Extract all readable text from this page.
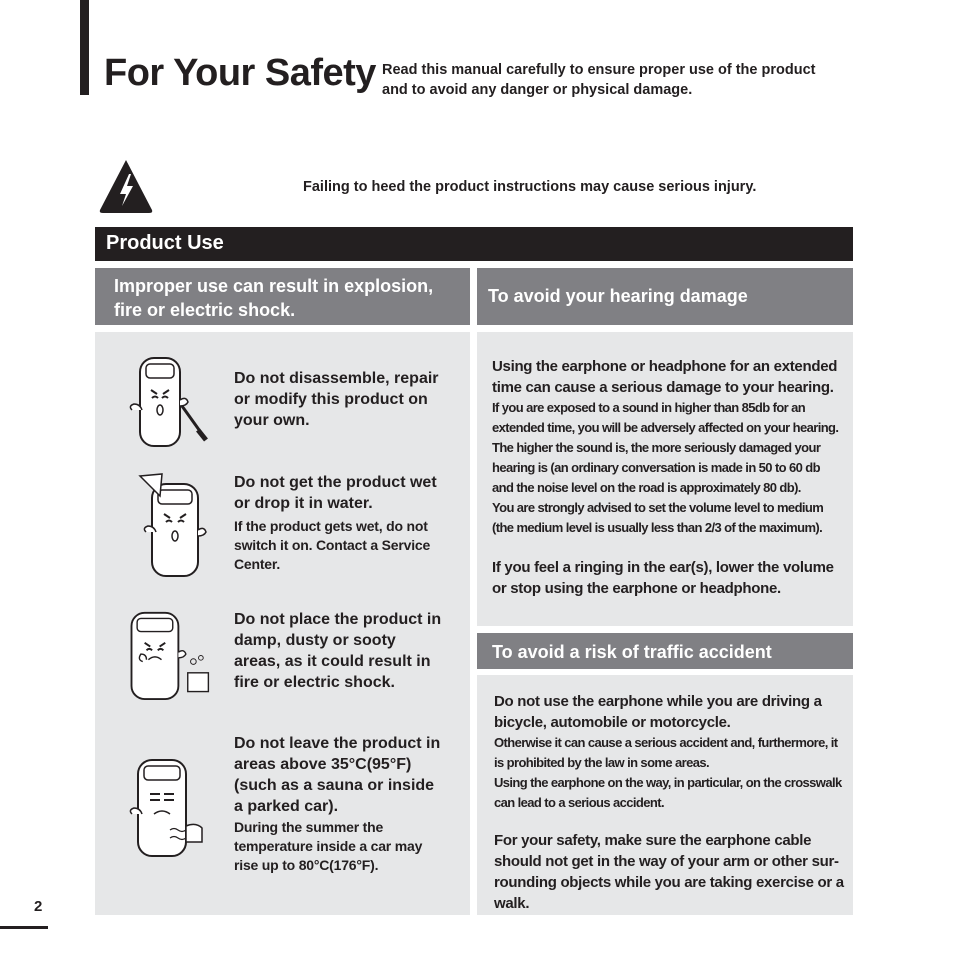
For Your Safety Read this manual carefully to ensure proper use of the product
and to avoid any danger or physical damage.
Failing to heed the product instructions may cause serious injury.
Product Use
Improper use can result in explosion,
fire or electric shock.
To avoid your hearing damage
To avoid a risk of traffic accident
Do not disassemble, repair
or modify this product on
your own.
Do not get the product wet
or drop it in water.
If the product gets wet, do not
switch it on. Contact a Service
Center.
Do not place the product in
damp, dusty or sooty
areas, as it could result in
fire or electric shock.
Do not leave the product in
areas above 35°C(95°F)
(such as a sauna or inside
a parked car).
During the summer the
temperature inside a car may
rise up to 80°C(176°F).
Using the earphone or headphone for an extended
time can cause a serious damage to your hearing.
If you are exposed to a sound in higher than 85db for an
extended time, you will be adversely affected on your hearing.
The higher the sound is, the more seriously damaged your
hearing is (an ordinary conversation is made in 50 to 60 db
and the noise level on the road is approximately 80 db).
You are strongly advised to set the volume level to medium
(the medium level is usually less than 2/3 of the maximum).
If you feel a ringing in the ear(s), lower the volume
or stop using the earphone or headphone.
Do not use the earphone while you are driving a
bicycle, automobile or motorcycle.
Otherwise it can cause a serious accident and, furthermore, it
is prohibited by the law in some areas.
Using the earphone on the way, in particular, on the crosswalk
can lead to a serious accident.
For your safety, make sure the earphone cable
should not get in the way of your arm or other sur-
rounding objects while you are taking exercise or a
walk.
2
